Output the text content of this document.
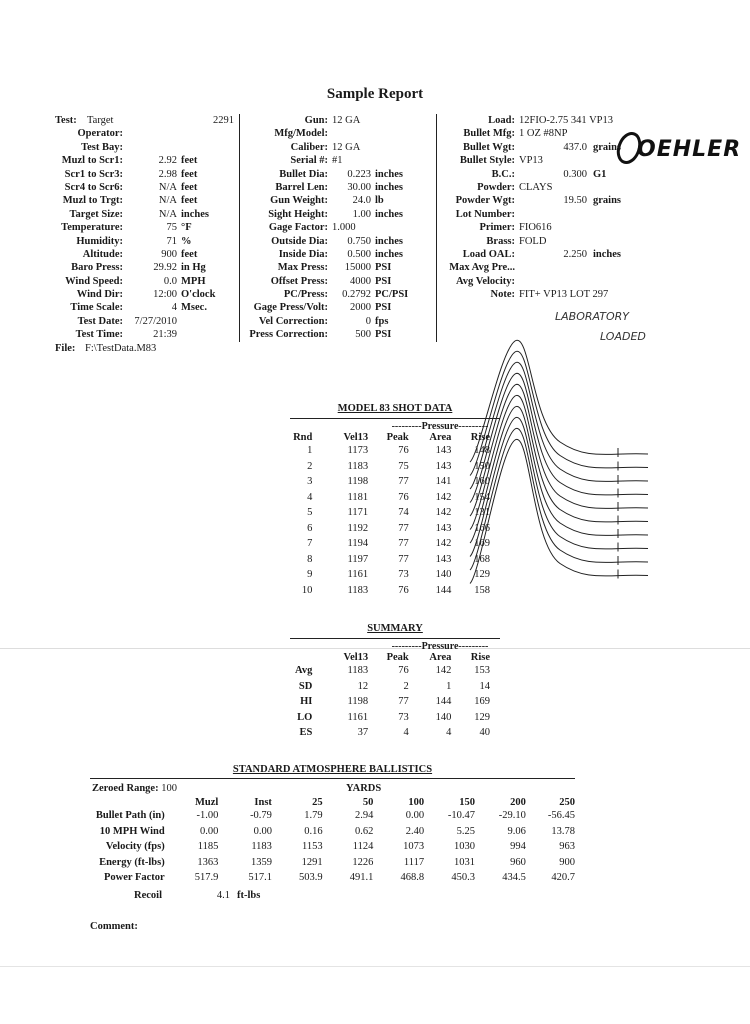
Sample Report
OEHLER
LABORATORY
LOADED
Test: Target	2291
Operator:
Test Bay:
Muzl to Scr1:	2.92 feet
Scr1 to Scr3:	2.98 feet
Scr4 to Scr6:	N/A feet
Muzl to Trgt:	N/A feet
Target Size:	N/A inches
Temperature:	75 °F
Humidity:	71 %
Altitude:	900 feet
Baro Press:	29.92 in Hg
Wind Speed:	0.0 MPH
Wind Dir:	12:00 O'clock
Time Scale:	4 Msec.
Test Date:	7/27/2010
Test Time:	21:39
File: F:\TestData.M83
Gun: 12 GA
Mfg/Model:
Caliber: 12 GA
Serial #: #1
Bullet Dia:	0.223 inches
Barrel Len:	30.00 inches
Gun Weight:	24.0 lb
Sight Height:	1.00 inches
Gage Factor: 1.000
Outside Dia:	0.750 inches
Inside Dia:	0.500 inches
Max Press:	15000 PSI
Offset Press:	4000 PSI
PC/Press:	0.2792 PC/PSI
Gage Press/Volt:	2000 PSI
Vel Correction:	0 fps
Press Correction:	500 PSI
Load: 12FIO-2.75 341 VP13
Bullet Mfg: 1 OZ #8NP
Bullet Wgt:	437.0 grains
Bullet Style: VP13
B.C.:	0.300 G1
Powder: CLAYS
Powder Wgt:	19.50 grains
Lot Number:
Primer: FIO616
Brass: FOLD
Load OAL:	2.250 inches
Max Avg Pre...
Avg Velocity:
Note: FIT+ VP13 LOT 297
MODEL 83 SHOT DATA
---------Pressure---------
Rnd	Vel13	Peak	Area	Rise
1	1173	76	143	148
2	1183	75	143	150
3	1198	77	141	160
4	1181	76	142	154
5	1171	74	142	131
6	1192	77	143	166
7	1194	77	142	169
8	1197	77	143	168
9	1161	73	140	129
10	1183	76	144	158
SUMMARY
---------Pressure---------
	Vel13	Peak	Area	Rise
Avg	1183	76	142	153
SD	12	2	1	14
HI	1198	77	144	169
LO	1161	73	140	129
ES	37	4	4	40
STANDARD ATMOSPHERE BALLISTICS
Zeroed Range: 100	YARDS
	Muzl	Inst	25	50	100	150	200	250
Bullet Path (in)	-1.00	-0.79	1.79	2.94	0.00	-10.47	-29.10	-56.45
10 MPH Wind	0.00	0.00	0.16	0.62	2.40	5.25	9.06	13.78
Velocity (fps)	1185	1183	1153	1124	1073	1030	994	963
Energy (ft-lbs)	1363	1359	1291	1226	1117	1031	960	900
Power Factor	517.9	517.1	503.9	491.1	468.8	450.3	434.5	420.7
Recoil	4.1 ft-lbs
Comment:
